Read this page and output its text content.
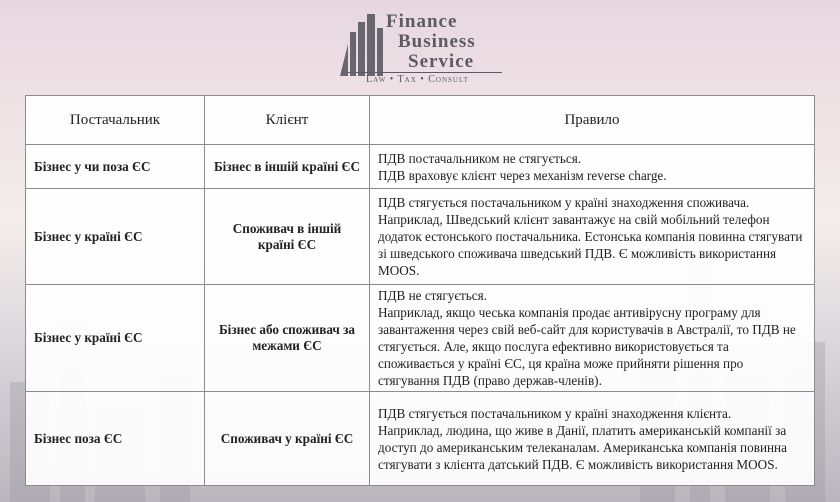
Finance
Business
Service
Law • Tax • Consult
Постачальник	Клієнт	Правило
Бізнес у чи поза ЄС	Бізнес в іншій країні ЄС	ПДВ постачальником не стягується.
ПДВ враховує клієнт через механізм reverse charge.
Бізнес у країні ЄС	Споживач в іншій країні ЄС	ПДВ стягується постачальником у країні знаходження споживача.
Наприклад, Шведський клієнт завантажує на свій мобільний телефон додаток естонського постачальника. Естонська компанія повинна стягувати зі шведського споживача шведський ПДВ. Є можливість використання MOOS.
Бізнес у країні ЄС	Бізнес або споживач за межами ЄС	ПДВ не стягується.
Наприклад, якщо чеська компанія продає антивірусну програму для завантаження через свій веб-сайт для користувачів в Австралії, то ПДВ не стягується. Але, якщо послуга ефективно використовується та споживається у країні ЄС, ця країна може прийняти рішення про стягування ПДВ (право держав-членів).
Бізнес поза ЄС	Споживач у країні ЄС	ПДВ стягується постачальником у країні знаходження клієнта.
Наприклад, людина, що живе в Данії, платить американській компанії за доступ до американським телеканалам. Американська компанія повинна стягувати з клієнта датський ПДВ. Є можливість використання MOOS.
